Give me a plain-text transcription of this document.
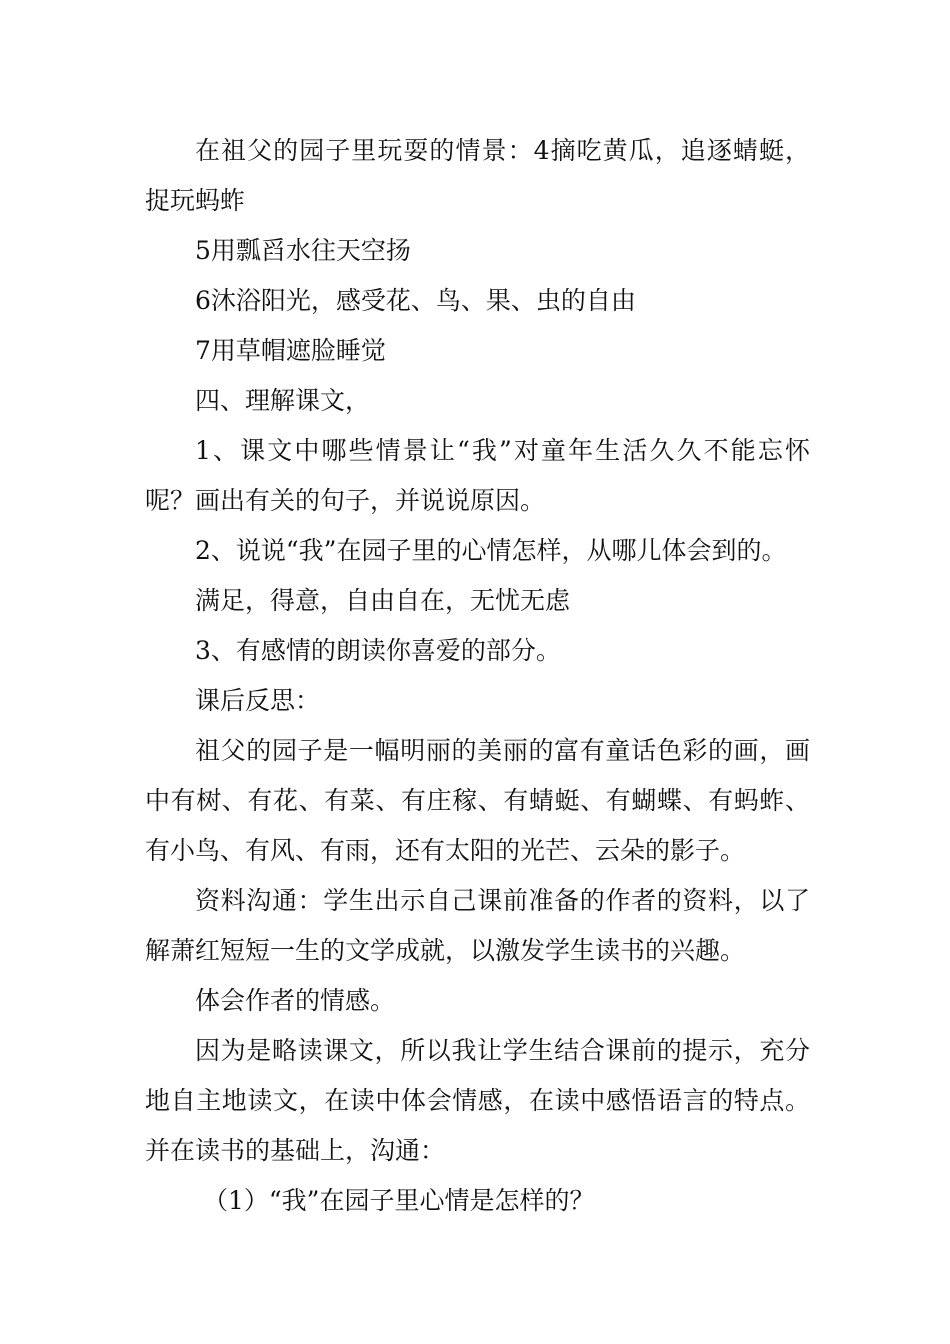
在祖父的园子里玩耍的情景：4摘吃黄瓜，追逐蜻蜓，捉玩蚂蚱

5用瓢舀水往天空扬

6沐浴阳光，感受花、鸟、果、虫的自由

7用草帽遮脸睡觉

四、理解课文，

1、课文中哪些情景让“我”对童年生活久久不能忘怀呢？画出有关的句子，并说说原因。

2、说说“我”在园子里的心情怎样，从哪儿体会到的。

满足，得意，自由自在，无忧无虑

3、有感情的朗读你喜爱的部分。

课后反思：

祖父的园子是一幅明丽的美丽的富有童话色彩的画，画中有树、有花、有菜、有庄稼、有蜻蜓、有蝴蝶、有蚂蚱、有小鸟、有风、有雨，还有太阳的光芒、云朵的影子。

资料沟通：学生出示自己课前准备的作者的资料，以了解萧红短短一生的文学成就，以激发学生读书的兴趣。

体会作者的情感。

因为是略读课文，所以我让学生结合课前的提示，充分地自主地读文，在读中体会情感，在读中感悟语言的特点。并在读书的基础上，沟通：

（1）“我”在园子里心情是怎样的？
